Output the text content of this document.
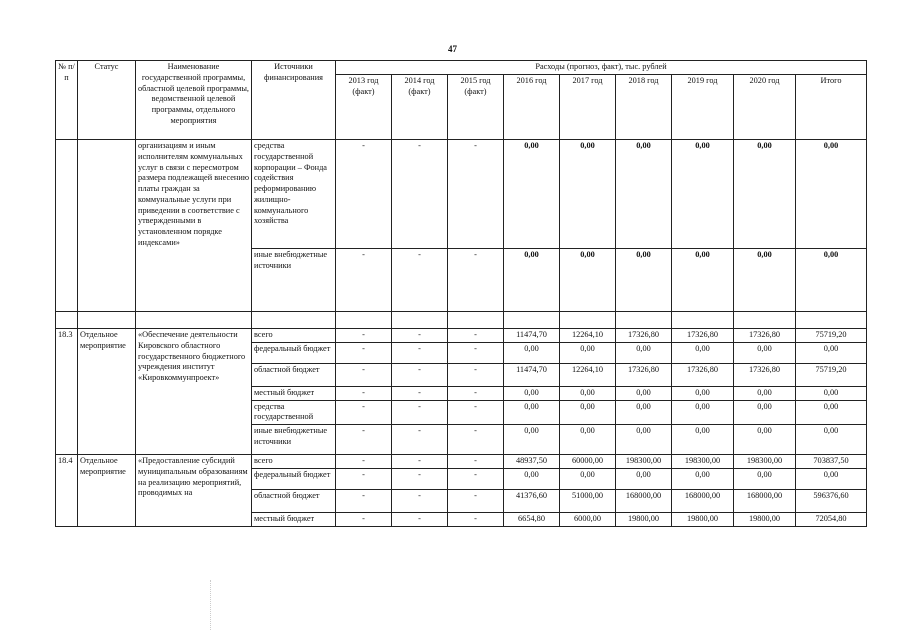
47
№ п/п	Статус	Наименование государственной программы, областной целевой программы, ведомственной целевой программы, отдельного мероприятия	Источники финансирования	Расходы (прогноз, факт), тыс. рублей								
				2013 год (факт)	2014 год (факт)	2015 год (факт)	2016 год	2017 год	2018 год	2019 год	2020 год	Итого
		организациям и иным исполнителям коммунальных услуг в связи с пересмотром размера подлежащей внесению платы граждан за коммунальные услуги при приведении в соответствие с утвержденными в установленном порядке индексами»	средства государственной корпорации – Фонда содействия реформированию жилищно-коммунального хозяйства	-	-	-	0,00	0,00	0,00	0,00	0,00	0,00
			иные внебюджетные источники	-	-	-	0,00	0,00	0,00	0,00	0,00	0,00

18.3	Отдельное мероприятие	«Обеспечение деятельности Кировского областного государственного бюджетного учреждения институт «Кировкоммунпроект»	всего	-	-	-	11474,70	12264,10	17326,80	17326,80	17326,80	75719,20
			федеральный бюджет	-	-	-	0,00	0,00	0,00	0,00	0,00	0,00
			областной бюджет	-	-	-	11474,70	12264,10	17326,80	17326,80	17326,80	75719,20
			местный бюджет	-	-	-	0,00	0,00	0,00	0,00	0,00	0,00
			средства государственной	-	-	-	0,00	0,00	0,00	0,00	0,00	0,00
			иные внебюджетные источники	-	-	-	0,00	0,00	0,00	0,00	0,00	0,00
18.4	Отдельное мероприятие	«Предоставление субсидий муниципальным образованиям на реализацию мероприятий, проводимых на	всего	-	-	-	48937,50	60000,00	198300,00	198300,00	198300,00	703837,50
			федеральный бюджет	-	-	-	0,00	0,00	0,00	0,00	0,00	0,00
			областной бюджет	-	-	-	41376,60	51000,00	168000,00	168000,00	168000,00	596376,60
			местный бюджет	-	-	-	6654,80	6000,00	19800,00	19800,00	19800,00	72054,80
